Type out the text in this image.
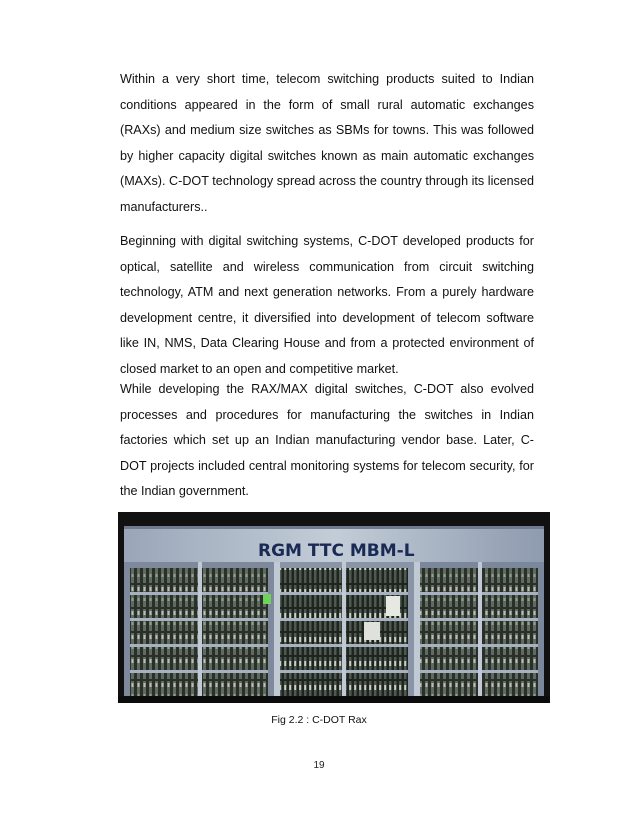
Within a very short time, telecom switching products suited to Indian conditions appeared in the form of small rural automatic exchanges (RAXs) and medium size switches as SBMs for towns. This was followed by higher capacity digital switches known as main automatic exchanges (MAXs). C-DOT technology spread across the country through its licensed manufacturers..

Beginning with digital switching systems, C-DOT developed products for optical, satellite and wireless communication from circuit switching technology, ATM and next generation networks. From a purely hardware development centre, it diversified into development of telecom software like IN, NMS, Data Clearing House and from a protected environment of closed market to an open and competitive market.

While developing the RAX/MAX digital switches, C-DOT also evolved processes and procedures for manufacturing the switches in Indian factories which set up an Indian manufacturing vendor base. Later, C-DOT projects included central monitoring systems for telecom security, for the Indian government.

RGM TTC MBM-L
Fig 2.2 : C-DOT Rax
19
